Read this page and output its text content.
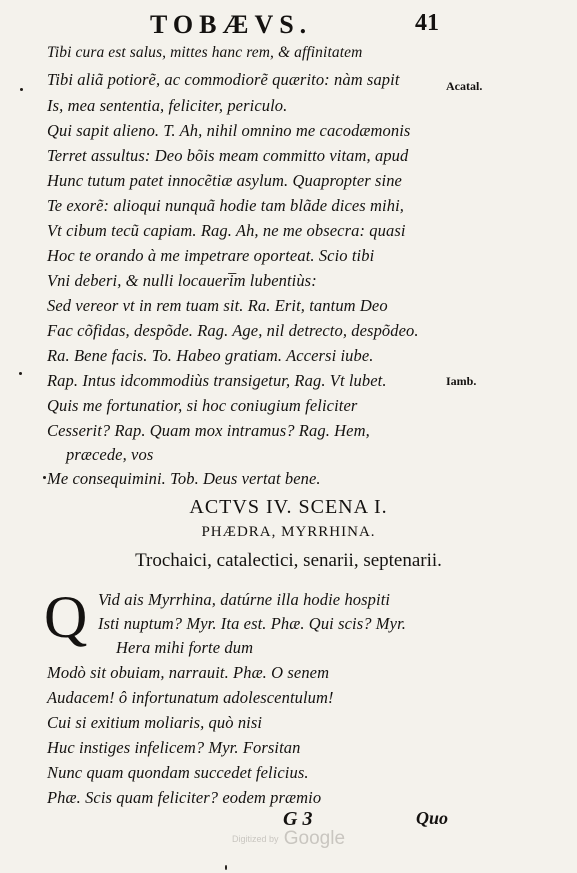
TOBÆVS.	41
Tibi cura est salus, mittes hanc rem, & affinitatem
Tibi aliã potiorẽ, ac commodiorẽ quærito: nàm sapit
Is, mea sententia, feliciter, periculo.
Qui sapit alieno. T. Ah, nihil omnino me cacodæmonis
Terret assultus: Deo bõis meam committo vitam, apud
Hunc tutum patet innocẽtiæ asylum. Quapropter sine
Te exorẽ: alioqui nunquã hodie tam blãde dices mihi,
Vt cibum tecũ capiam. Rag. Ah, ne me obsecra: quasi
Hoc te orando à me impetrare oporteat. Scio tibi
Vni deberi, & nulli locaueri̅m lubentiùs:
Sed vereor vt in rem tuam sit. Ra. Erit, tantum Deo
Fac cõfidas, despõde. Rag. Age, nil detrecto, despõdeo.
Ra. Bene facis. To. Habeo gratiam. Accersi iube.
Rap. Intus idcommodiùs transigetur, Rag. Vt lubet.
Quis me fortunatior, si hoc coniugium feliciter
Cesserit? Rap. Quam mox intramus? Rag. Hem,
præcede, vos
Me consequimini. Tob. Deus vertat bene.
Acatal.
Iamb.
ACTVS IV. SCENA I.
PHÆDRA, MYRRHINA.
Trochaici, catalectici, senarii, septenarii.
Q Vid ais Myrrhina, datúrne illa hodie hospiti
Isti nuptum? Myr. Ita est. Phæ. Qui scis? Myr.
Hera mihi forte dum
Modò sit obuiam, narrauit. Phæ. O senem
Audacem! ô infortunatum adolescentulum!
Cui si exitium moliaris, quò nisi
Huc instiges infelicem? Myr. Forsitan
Nunc quam quondam succedet felicius.
Phæ. Scis quam feliciter? eodem præmio
G 3	Quo
Digitized by Google
